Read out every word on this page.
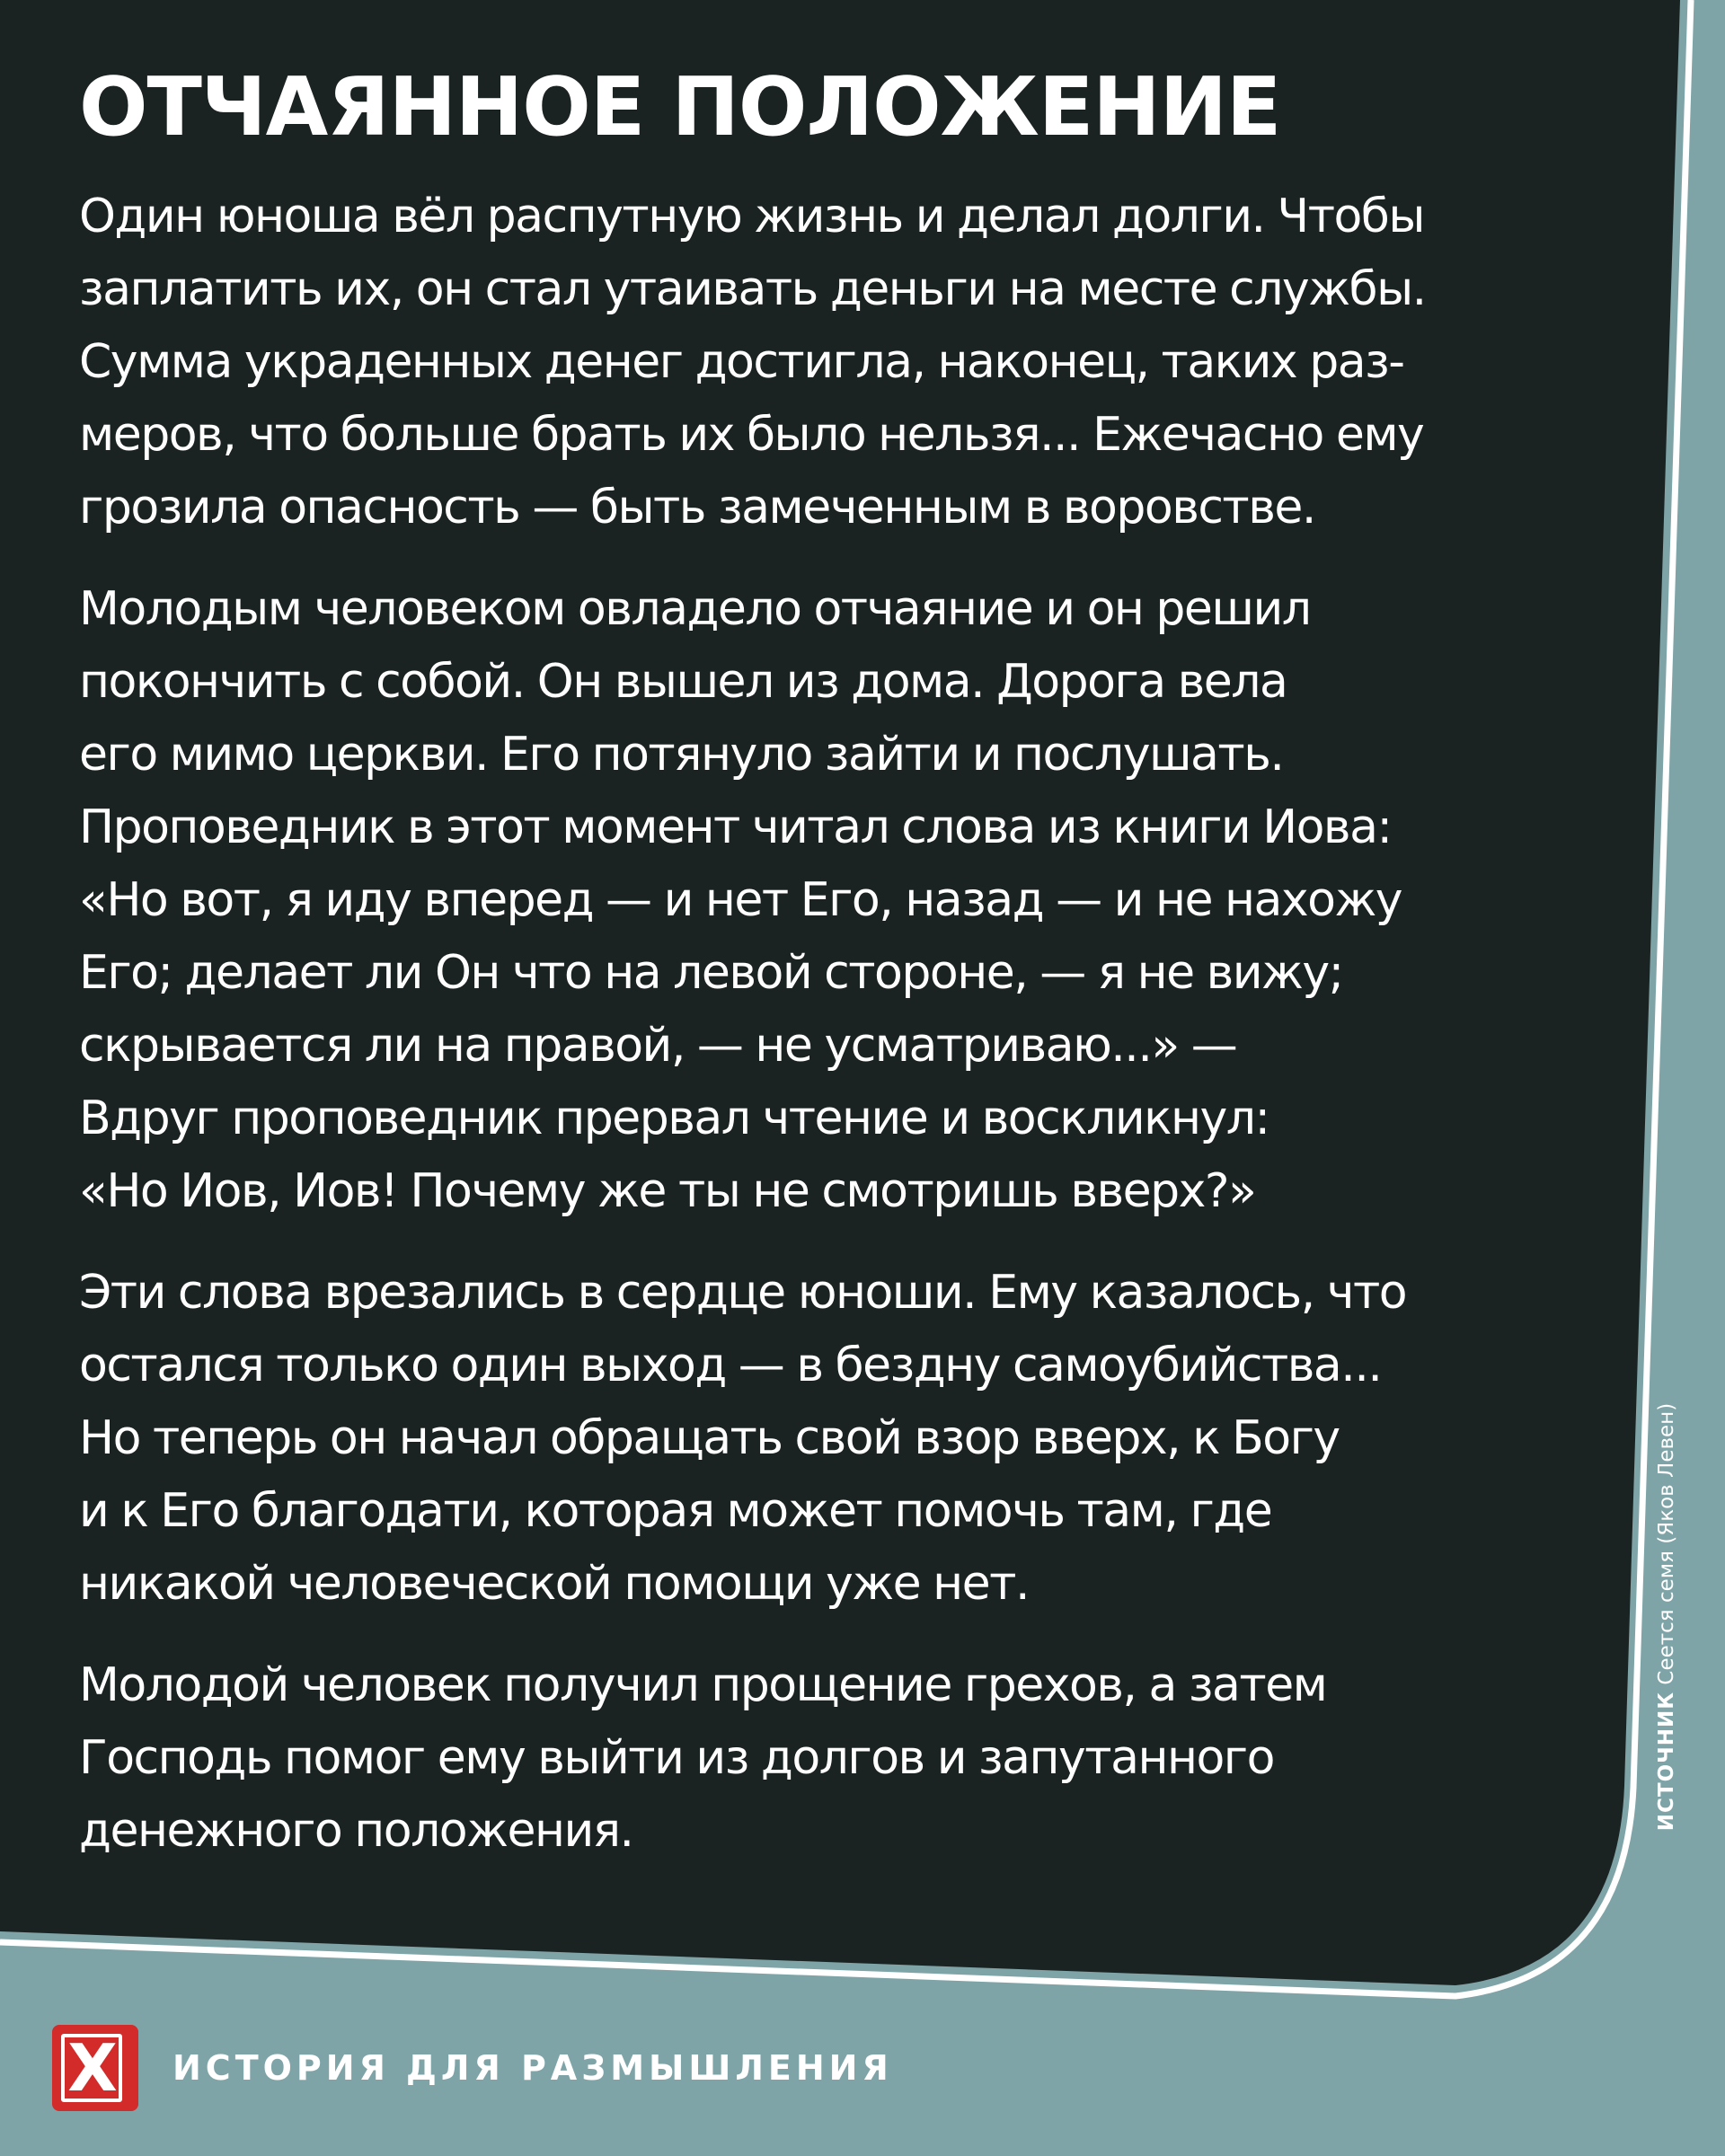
ОТЧАЯННОЕ ПОЛОЖЕНИЕ

Один юноша вёл распутную жизнь и делал долги. Чтобы
заплатить их, он стал утаивать деньги на месте службы.
Сумма украденных денег достигла, наконец, таких раз-
меров, что больше брать их было нельзя... Ежечасно ему
грозила опасность — быть замеченным в воровстве.

Молодым человеком овладело отчаяние и он решил
покончить с собой. Он вышел из дома. Дорога вела
его мимо церкви. Его потянуло зайти и послушать.
Проповедник в этот момент читал слова из книги Иова:
«Но вот, я иду вперед — и нет Его, назад — и не нахожу
Его; делает ли Он что на левой стороне, — я не вижу;
скрывается ли на правой, — не усматриваю...» —
Вдруг проповедник прервал чтение и воскликнул:
«Но Иов, Иов! Почему же ты не смотришь вверх?»

Эти слова врезались в сердце юноши. Ему казалось, что
остался только один выход — в бездну самоубийства...
Но теперь он начал обращать свой взор вверх, к Богу
и к Его благодати, которая может помочь там, где
никакой человеческой помощи уже нет.

Молодой человек получил прощение грехов, а затем
Господь помог ему выйти из долгов и запутанного
денежного положения.	ИСТОЧНИК Сеется семя (Яков Левен)
X ИСТОРИЯ ДЛЯ РАЗМЫШЛЕНИЯ
